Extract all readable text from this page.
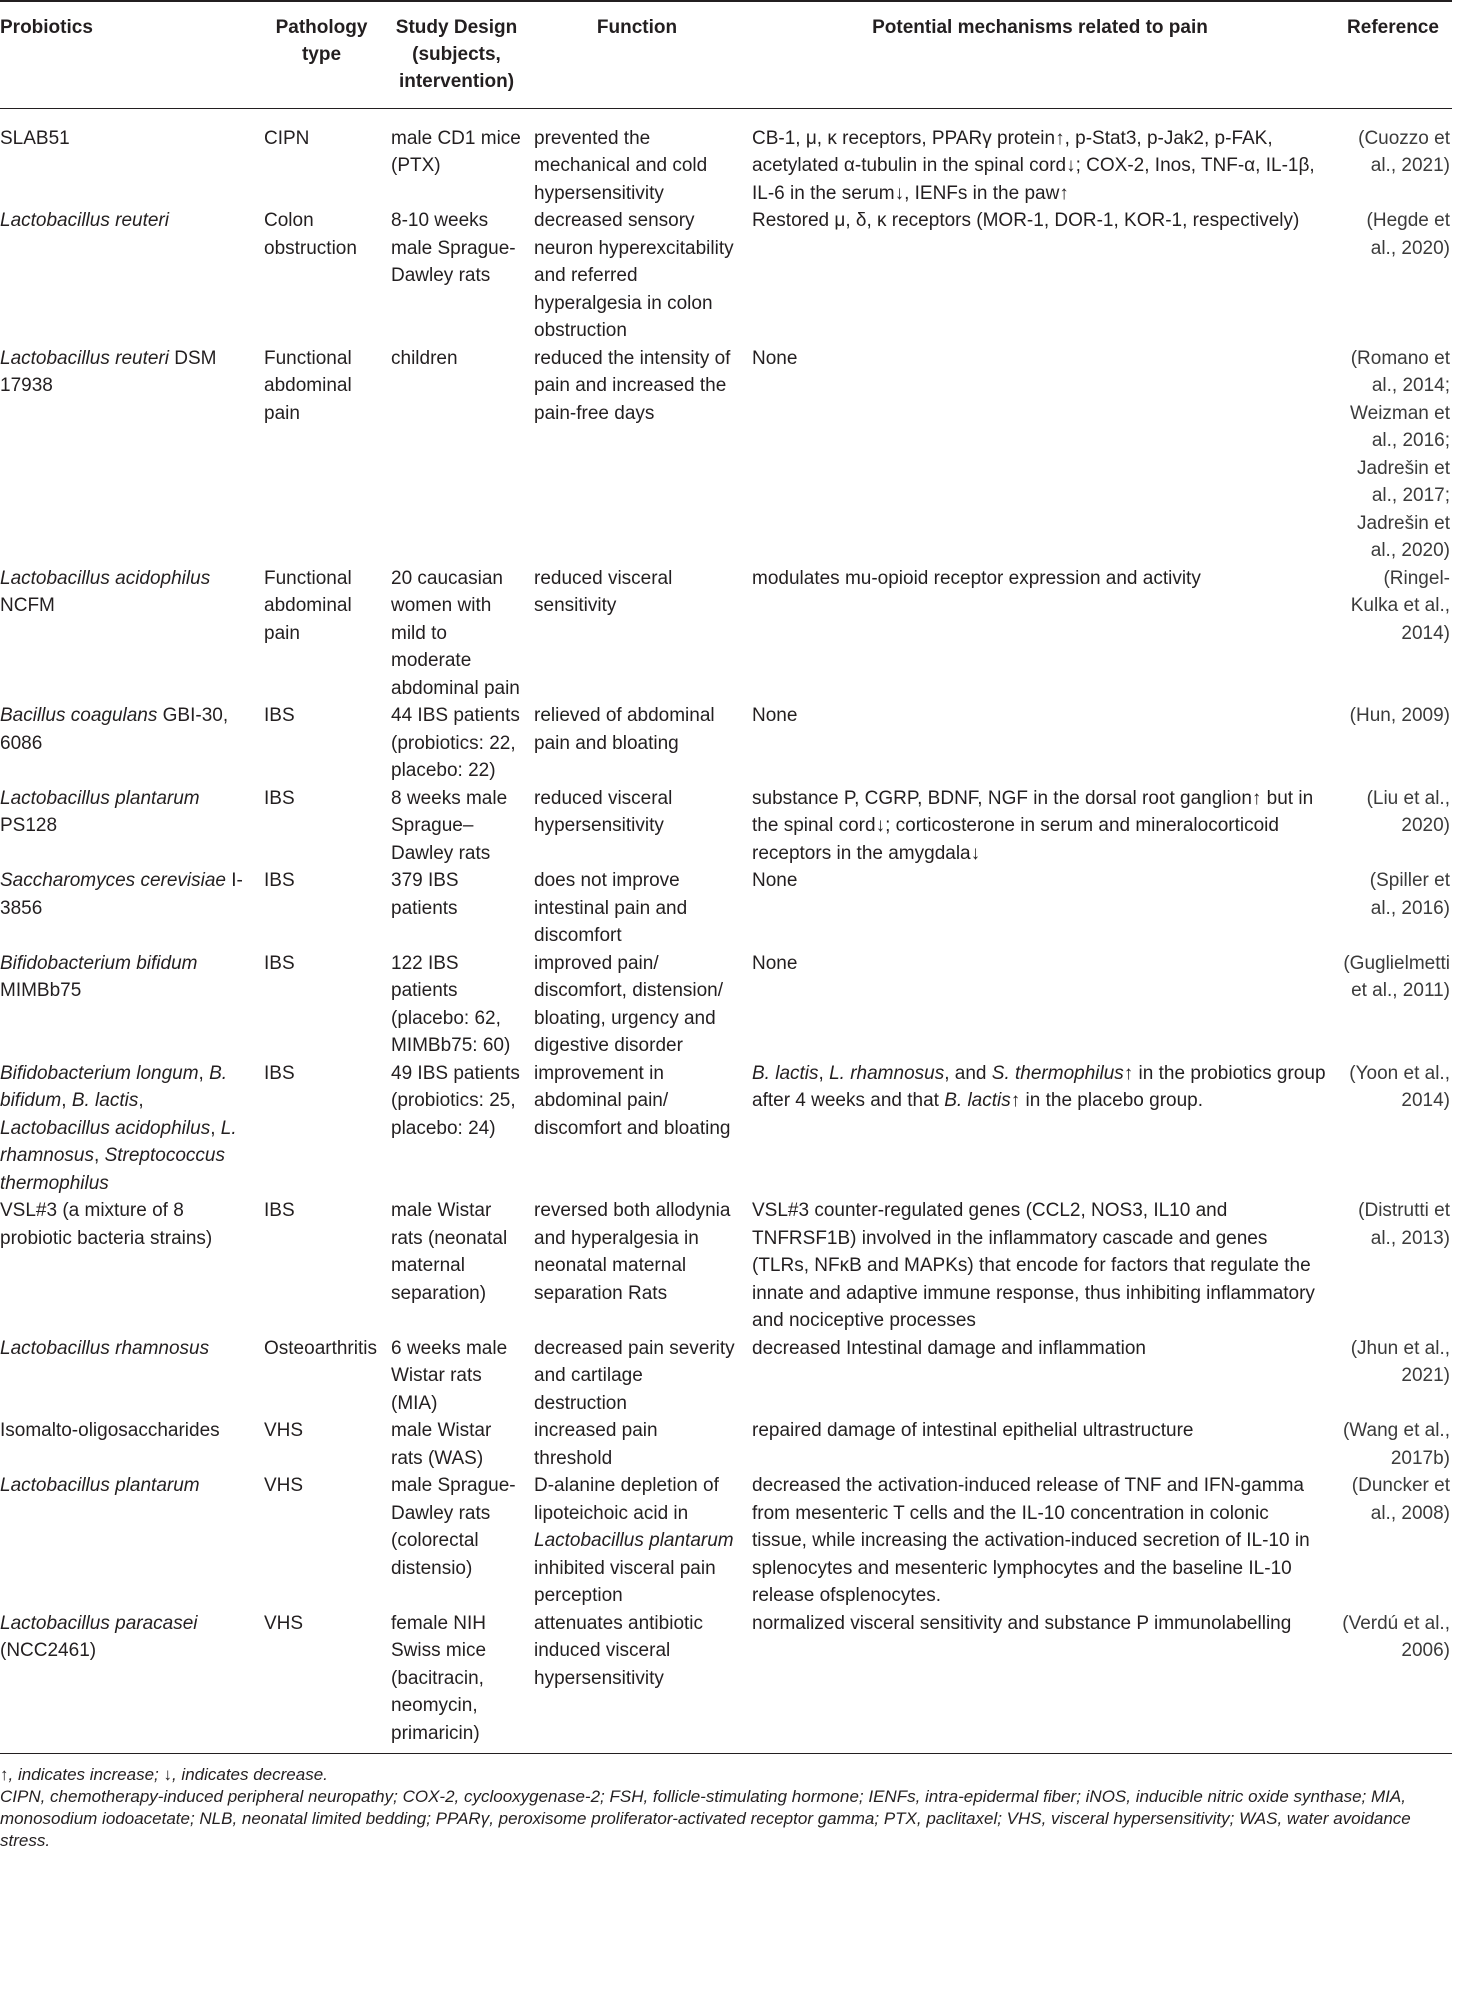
Probiotics	Pathology type	Study Design (subjects, intervention)	Function	Potential mechanisms related to pain	Reference
SLAB51	CIPN	male CD1 mice (PTX)	prevented the mechanical and cold hypersensitivity	CB-1, μ, κ receptors, PPARγ protein↑, p-Stat3, p-Jak2, p-FAK, acetylated α-tubulin in the spinal cord↓; COX-2, Inos, TNF-α, IL-1β, IL-6 in the serum↓, IENFs in the paw↑	(Cuozzo et al., 2021)
Lactobacillus reuteri	Colon obstruction	8-10 weeks male Sprague-Dawley rats	decreased sensory neuron hyperexcitability and referred hyperalgesia in colon obstruction	Restored μ, δ, κ receptors (MOR-1, DOR-1, KOR-1, respectively)	(Hegde et al., 2020)
Lactobacillus reuteri DSM 17938	Functional abdominal pain	children	reduced the intensity of pain and increased the pain-free days	None	(Romano et al., 2014; Weizman et al., 2016; Jadrešin et al., 2017; Jadrešin et al., 2020)
Lactobacillus acidophilus NCFM	Functional abdominal pain	20 caucasian women with mild to moderate abdominal pain	reduced visceral sensitivity	modulates mu-opioid receptor expression and activity	(Ringel-Kulka et al., 2014)
Bacillus coagulans GBI-30, 6086	IBS	44 IBS patients (probiotics: 22, placebo: 22)	relieved of abdominal pain and bloating	None	(Hun, 2009)
Lactobacillus plantarum PS128	IBS	8 weeks male Sprague–Dawley rats	reduced visceral hypersensitivity	substance P, CGRP, BDNF, NGF in the dorsal root ganglion↑ but in the spinal cord↓; corticosterone in serum and mineralocorticoid receptors in the amygdala↓	(Liu et al., 2020)
Saccharomyces cerevisiae I-3856	IBS	379 IBS patients	does not improve intestinal pain and discomfort	None	(Spiller et al., 2016)
Bifidobacterium bifidum MIMBb75	IBS	122 IBS patients (placebo: 62, MIMBb75: 60)	improved pain/ discomfort, distension/ bloating, urgency and digestive disorder	None	(Guglielmetti et al., 2011)
Bifidobacterium longum, B. bifidum, B. lactis, Lactobacillus acidophilus, L. rhamnosus, Streptococcus thermophilus	IBS	49 IBS patients (probiotics: 25, placebo: 24)	improvement in abdominal pain/ discomfort and bloating	B. lactis, L. rhamnosus, and S. thermophilus↑ in the probiotics group after 4 weeks and that B. lactis↑ in the placebo group.	(Yoon et al., 2014)
VSL#3 (a mixture of 8 probiotic bacteria strains)	IBS	male Wistar rats (neonatal maternal separation)	reversed both allodynia and hyperalgesia in neonatal maternal separation Rats	VSL#3 counter-regulated genes (CCL2, NOS3, IL10 and TNFRSF1B) involved in the inflammatory cascade and genes (TLRs, NFκB and MAPKs) that encode for factors that regulate the innate and adaptive immune response, thus inhibiting inflammatory and nociceptive processes	(Distrutti et al., 2013)
Lactobacillus rhamnosus	Osteoarthritis	6 weeks male Wistar rats (MIA)	decreased pain severity and cartilage destruction	decreased Intestinal damage and inflammation	(Jhun et al., 2021)
Isomalto-oligosaccharides	VHS	male Wistar rats (WAS)	increased pain threshold	repaired damage of intestinal epithelial ultrastructure	(Wang et al., 2017b)
Lactobacillus plantarum	VHS	male Sprague-Dawley rats (colorectal distensio)	D-alanine depletion of lipoteichoic acid in Lactobacillus plantarum inhibited visceral pain perception	decreased the activation-induced release of TNF and IFN-gamma from mesenteric T cells and the IL-10 concentration in colonic tissue, while increasing the activation-induced secretion of IL-10 in splenocytes and mesenteric lymphocytes and the baseline IL-10 release ofsplenocytes.	(Duncker et al., 2008)
Lactobacillus paracasei (NCC2461)	VHS	female NIH Swiss mice (bacitracin, neomycin, primaricin)	attenuates antibiotic induced visceral hypersensitivity	normalized visceral sensitivity and substance P immunolabelling	(Verdú et al., 2006)

↑, indicates increase; ↓, indicates decrease.

CIPN, chemotherapy-induced peripheral neuropathy; COX-2, cyclooxygenase-2; FSH, follicle-stimulating hormone; IENFs, intra-epidermal fiber; iNOS, inducible nitric oxide synthase; MIA, monosodium iodoacetate; NLB, neonatal limited bedding; PPARγ, peroxisome proliferator-activated receptor gamma; PTX, paclitaxel; VHS, visceral hypersensitivity; WAS, water avoidance stress.
